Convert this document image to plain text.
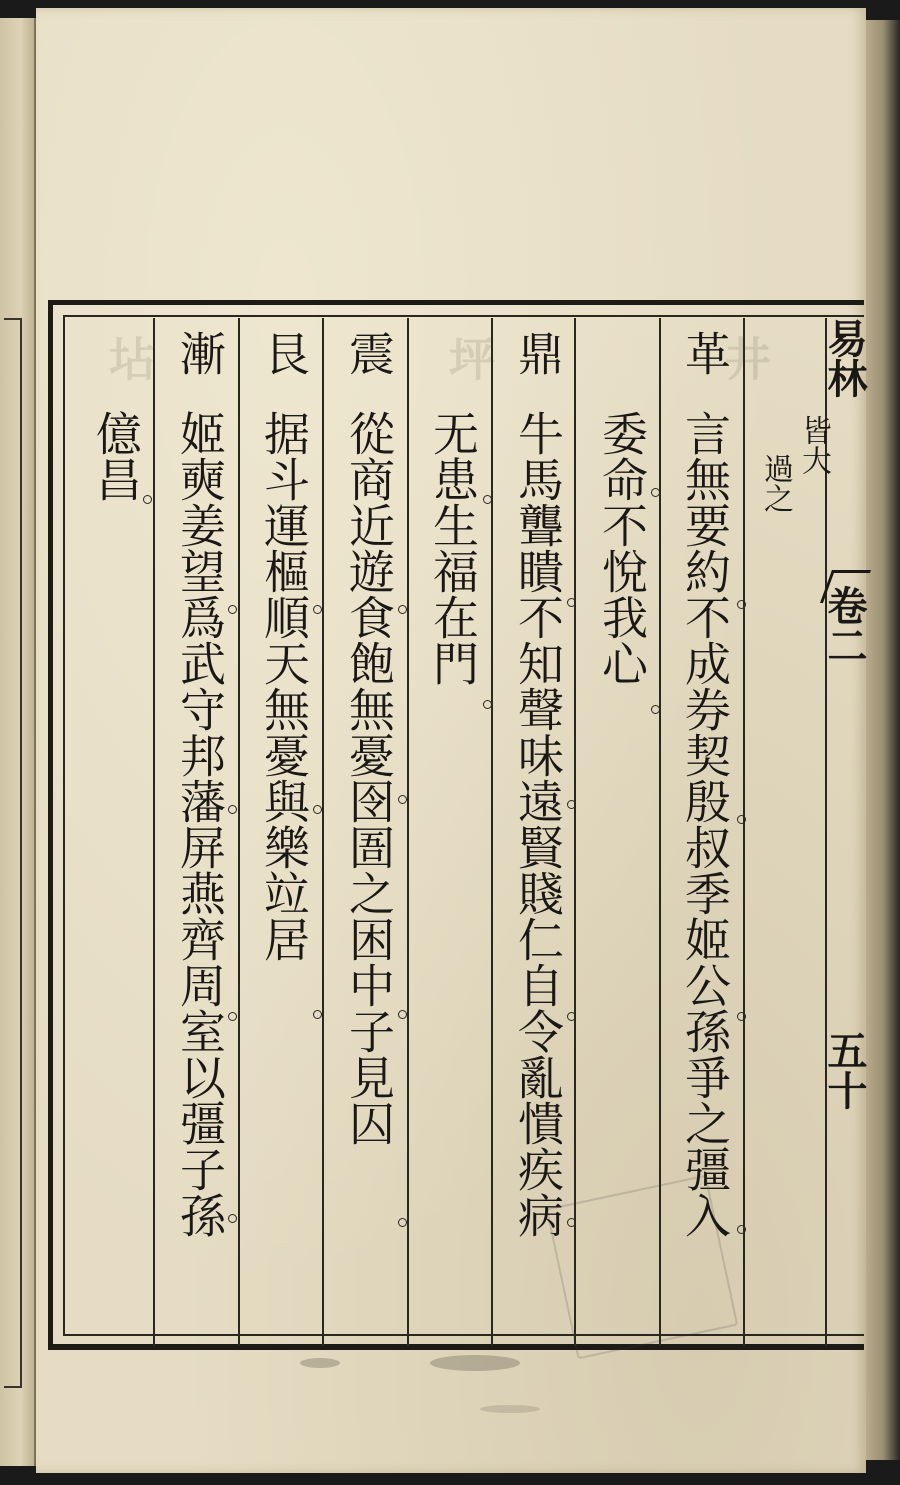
井
坪
坫	易林
卷二
五十
皆大
過之
革
言無要約不成券契殷叔季姬公孫爭之彊入
委命不悅我心
鼎
牛馬聾瞶不知聲味遠賢賤仁自令亂憒疾病
无患生福在門
震
從商近遊食飽無憂囹圄之困中子見囚
艮
据斗運樞順天無憂與樂竝居
漸
姬奭姜望爲武守邦藩屏燕齊周室以彊子孫
億昌
